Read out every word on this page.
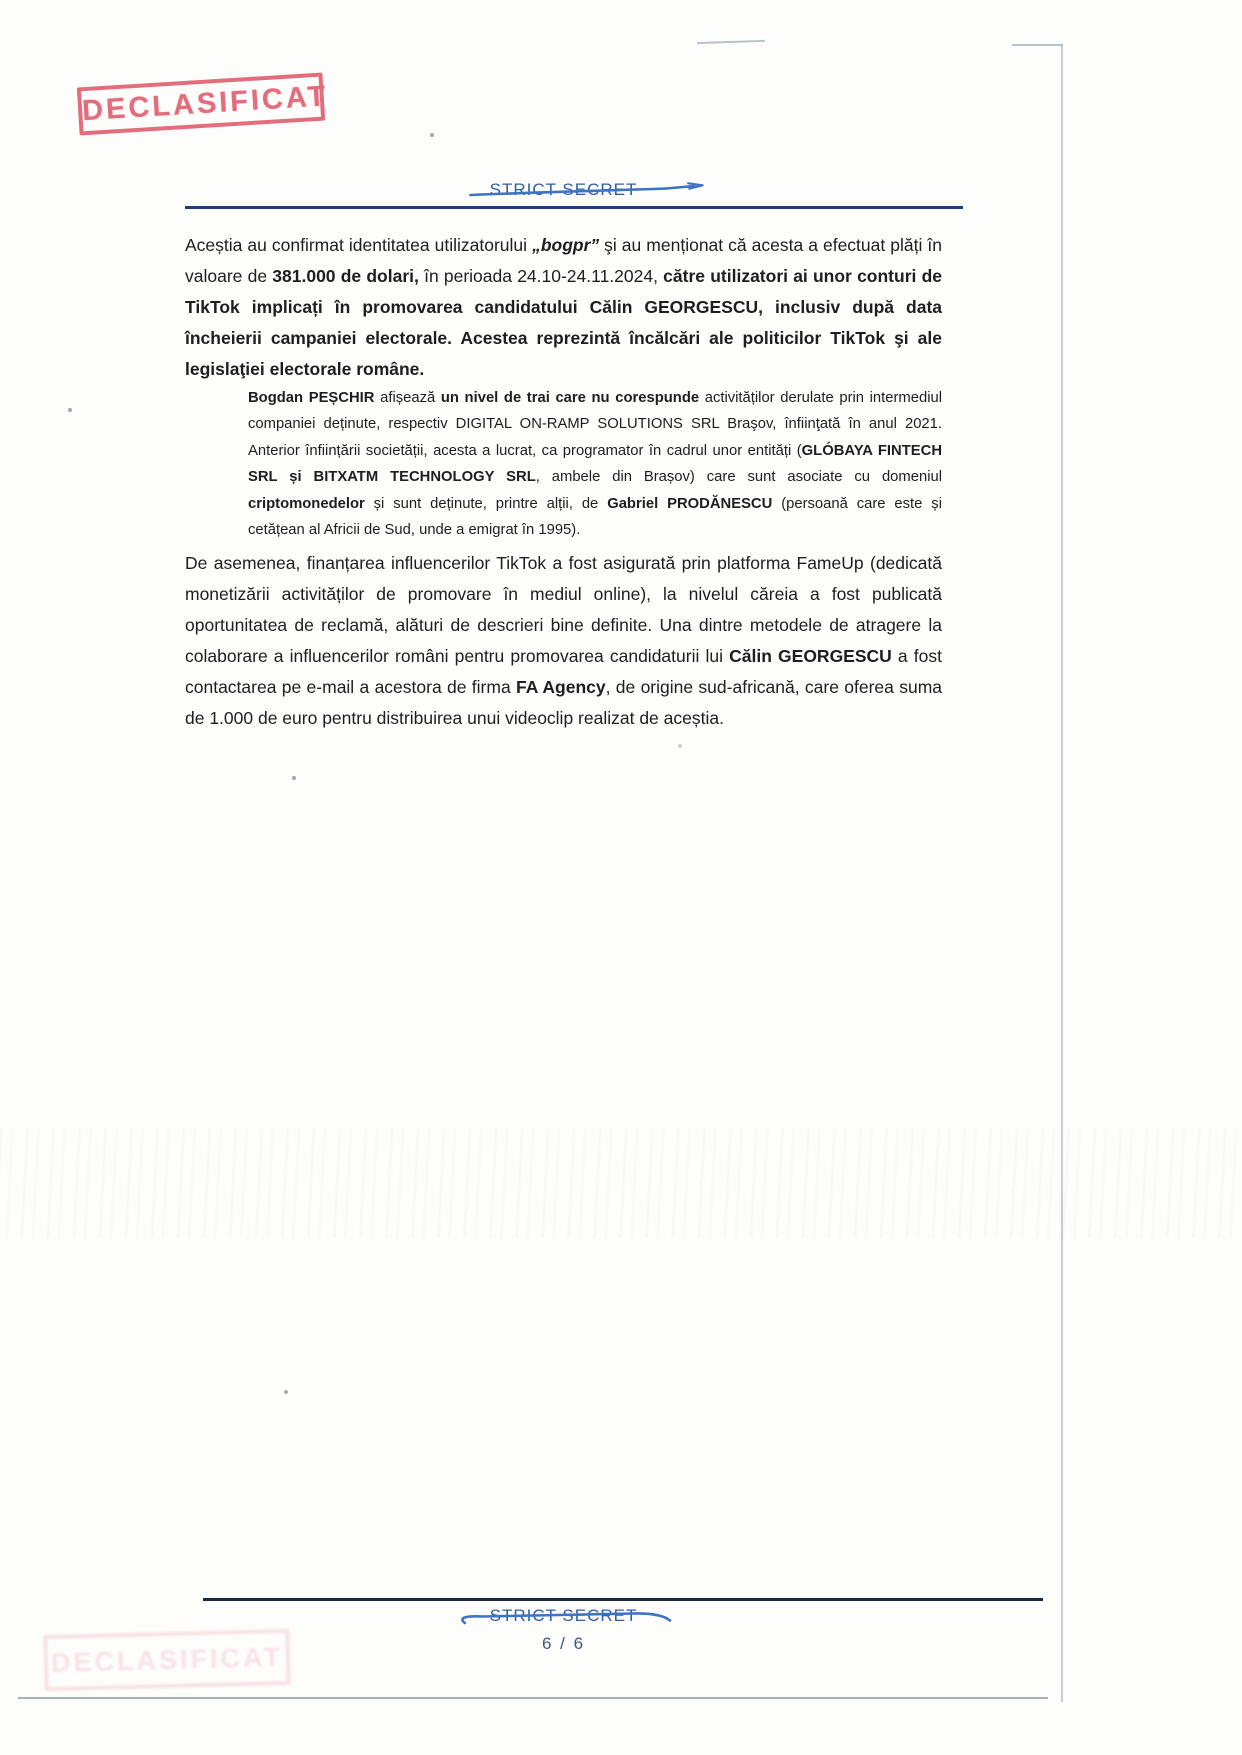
DECLASIFICAT
STRICT SECRET

Aceștia au confirmat identitatea utilizatorului „bogpr” şi au menționat că acesta a efectuat plăți în valoare de 381.000 de dolari, în perioada 24.10-24.11.2024, către utilizatori ai unor conturi de TikTok implicați în promovarea candidatului Călin GEORGESCU, inclusiv după data încheierii campaniei electorale. Acestea reprezintă încălcări ale politicilor TikTok şi ale legislaţiei electorale române.

Bogdan PEȘCHIR afișează un nivel de trai care nu corespunde activităților derulate prin intermediul companiei deținute, respectiv DIGITAL ON-RAMP SOLUTIONS SRL Braşov, înfiinţată în anul 2021. Anterior înființării societății, acesta a lucrat, ca programator în cadrul unor entități (GLÓBAYA FINTECH SRL și BITXATM TECHNOLOGY SRL, ambele din Brașov) care sunt asociate cu domeniul criptomonedelor și sunt deținute, printre alții, de Gabriel PRODĂNESCU (persoană care este și cetățean al Africii de Sud, unde a emigrat în 1995).

De asemenea, finanțarea influencerilor TikTok a fost asigurată prin platforma FameUp (dedicată monetizării activităților de promovare în mediul online), la nivelul căreia a fost publicată oportunitatea de reclamă, alături de descrieri bine definite. Una dintre metodele de atragere la colaborare a influencerilor români pentru promovarea candidaturii lui Călin GEORGESCU a fost contactarea pe e-mail a acestora de firma FA Agency, de origine sud-africană, care oferea suma de 1.000 de euro pentru distribuirea unui videoclip realizat de aceștia.

STRICT SECRET
6 / 6
DECLASIFICAT
